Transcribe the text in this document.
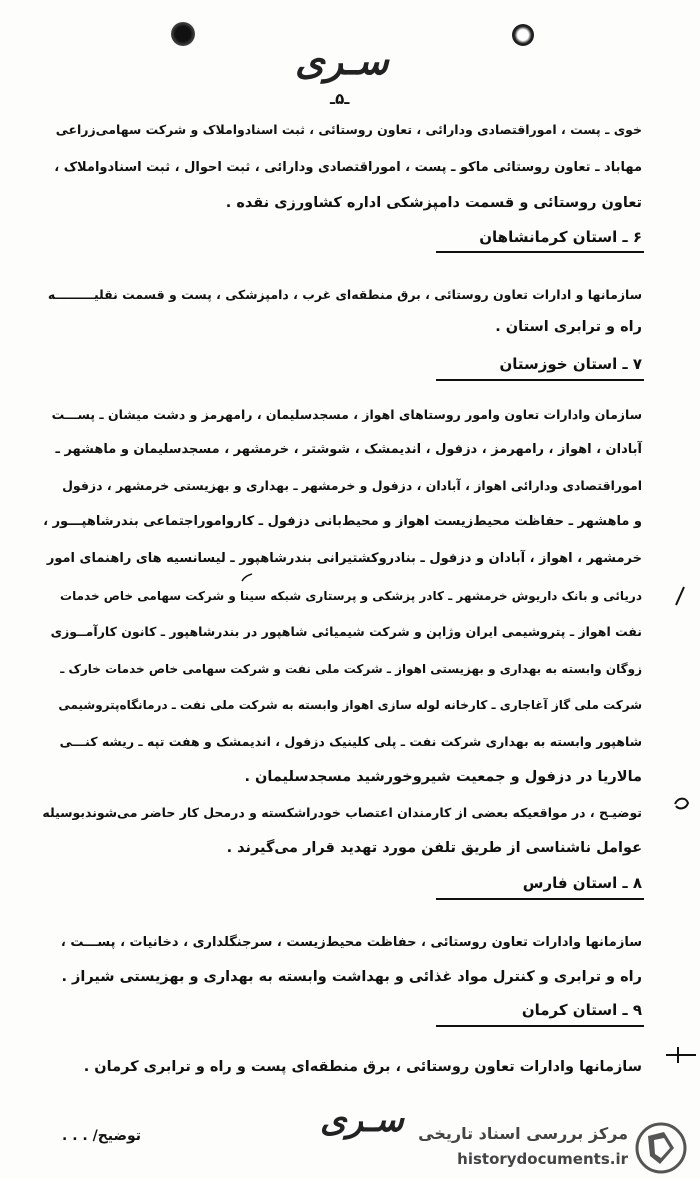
سـری
ـ۵ـ
خوی ـ پست ، اموراقتصادی ودارائی ، تعاون روستائی ، ثبت اسنادواملاک و شرکت سهامی‌زراعی
مهاباد ـ تعاون روستائی ماکو ـ پست ، اموراقتصادی ودارائی ، ثبت احوال ، ثبت اسنادواملاک ،
تعاون روستائی و قسمت دامپزشکی اداره کشاورزی نقده .
۶ ـ استان کرمانشاهان
سازمانها و ادارات تعاون روستائی ، برق منطقه‌ای غرب ، دامپزشکی ، پست و قسمت نقلیـــــــــه
راه و ترابری استان .
۷ ـ استان خوزستان
سازمان وادارات تعاون وامور روستاهای اهواز ، مسجدسلیمان ، رامهرمز و دشت میشان ـ پســـت
آبادان ، اهواز ، رامهرمز ، دزفول ، اندیمشک ، شوشتر ، خرمشهر ، مسجدسلیمان و ماهشهر ـ
اموراقتصادی ودارائی اهواز ، آبادان ، دزفول و خرمشهر ـ بهداری و بهزیستی خرمشهر ، دزفول
و ماهشهر ـ حفاظت محیط‌زیست اهواز و محیط‌بانی دزفول ـ کارواموراجتماعی بندرشاهپـــور ،
خرمشهر ، اهواز ، آبادان و دزفول ـ بنادروکشتیرانی بندرشاهپور ـ لیسانسیه های راهنمای امور
دریائی و بانک داریوش خرمشهر ـ کادر پزشکی و پرستاری شبکه سینا و شرکت سهامی خاص خدمات
نفت اهواز ـ پتروشیمی ایران وژاپن و شرکت شیمیائی شاهپور در بندرشاهپور ـ کانون کارآمــوزی
زوگان وابسته به بهداری و بهزیستی اهواز ـ شرکت ملی نفت و شرکت سهامی خاص خدمات خارک ـ
شرکت ملی گاز آغاجاری ـ کارخانه لوله سازی اهواز وابسته به شرکت ملی نفت ـ درمانگاه‌پتروشیمی
شاهپور وابسته به بهداری شرکت نفت ـ پلی کلینیک دزفول ، اندیمشک و هفت تپه ـ ریشه کنـــی
مالاریا در دزفول و جمعیت شیروخورشید مسجدسلیمان .
توضیـح ، در مواقعیکه بعضی از کارمندان اعتصاب خودراشکسته و درمحل کار حاضر می‌شوندبوسیله
عوامل ناشناسی از طریق تلفن مورد تهدید قرار می‌گیرند .
۸ ـ استان فارس
سازمانها وادارات تعاون روستائی ، حفاظت محیط‌زیست ، سرجنگلداری ، دخانیات ، پســـت ،
راه و ترابری و کنترل مواد غذائی و بهداشت وابسته به بهداری و بهزیستی شیراز .
۹ ـ استان کرمان
سازمانها وادارات تعاون روستائی ، برق منطقه‌ای پست و راه و ترابری کرمان .
توضیح/ . . .	سـری مرکز بررسی اسناد تاریخی
historydocuments.ir
